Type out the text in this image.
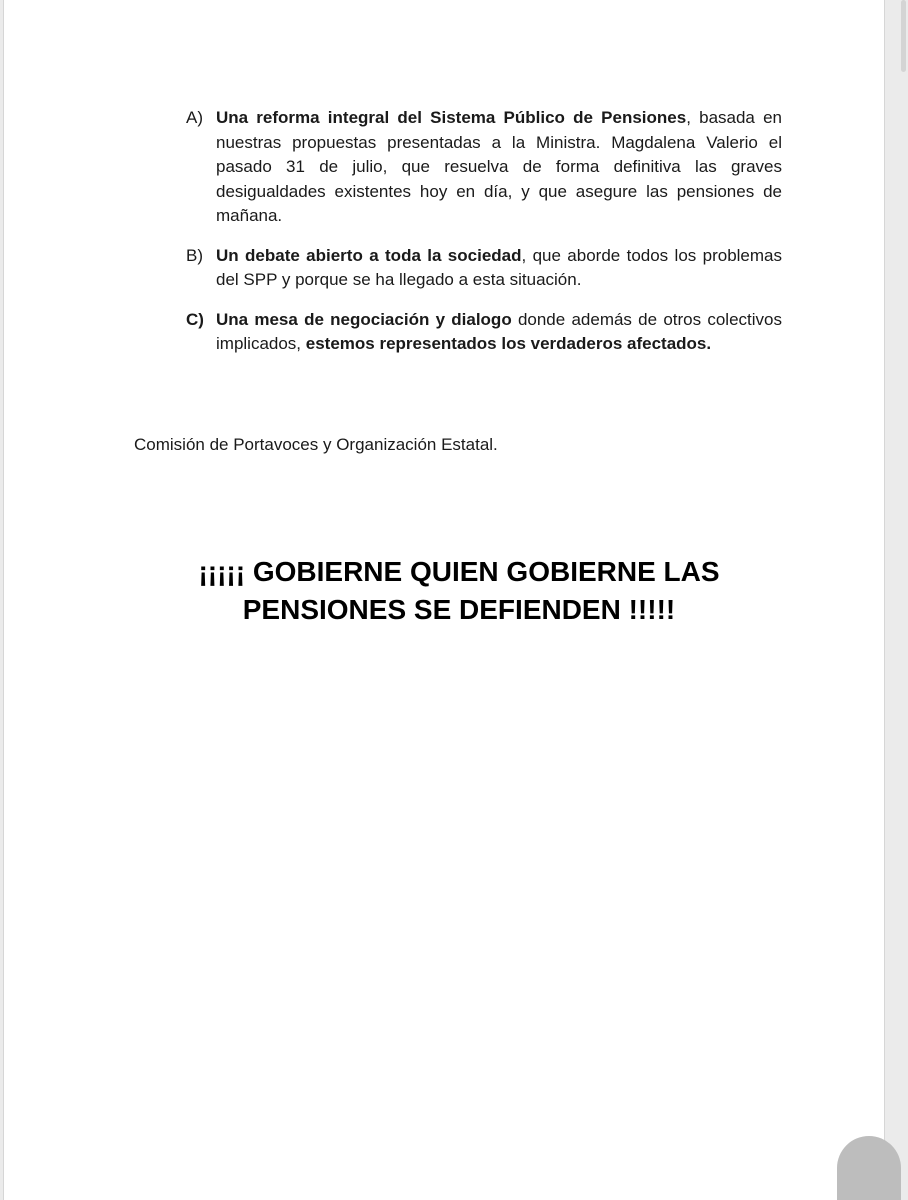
A) Una reforma integral del Sistema Público de Pensiones, basada en nuestras propuestas presentadas a la Ministra. Magdalena Valerio el pasado 31 de julio, que resuelva de forma definitiva las graves desigualdades existentes hoy en día, y que asegure las pensiones de mañana.
B) Un debate abierto a toda la sociedad, que aborde todos los problemas del SPP y porque se ha llegado a esta situación.
C) Una mesa de negociación y dialogo donde además de otros colectivos implicados, estemos representados los verdaderos afectados.
Comisión de Portavoces y Organización Estatal.
¡¡¡¡¡ GOBIERNE QUIEN GOBIERNE LAS
PENSIONES SE DEFIENDEN !!!!!
